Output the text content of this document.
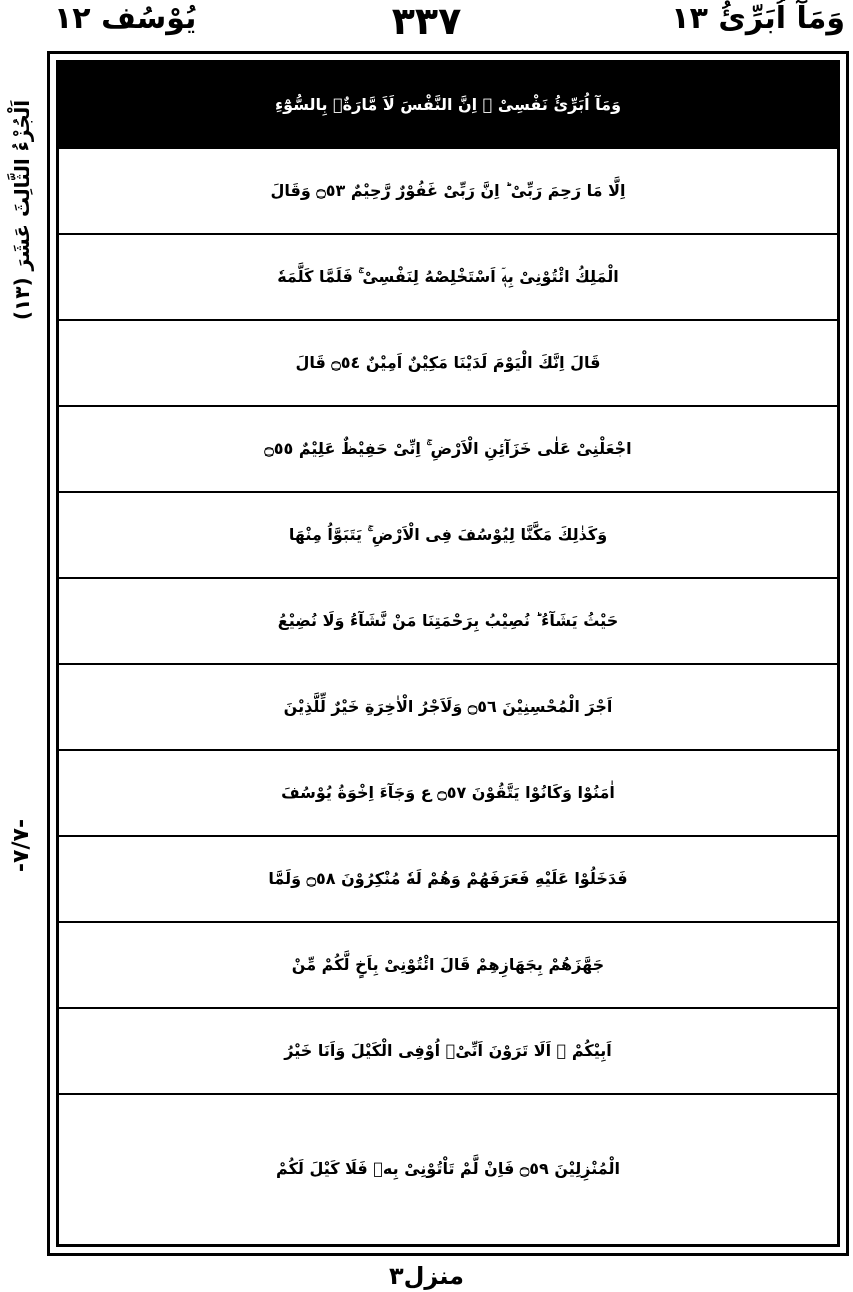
وَمَآ اُبَرِّئُ ١٣
٣٣٧
يُوْسُف ١٢
اَلْجُزْءُ الثَّالِثَ عَشَرَ (١٣)
-٧/٧-
وَمَآ اُبَرِّئُ نَفْسِیْ ۚ اِنَّ النَّفْسَ لَاَ مَّارَةٌۢ بِالسُّوْٓءِ
اِلَّا مَا رَحِمَ رَبِّیْ ؕ اِنَّ رَبِّیْ غَفُوْرٌ رَّحِیْمٌ ۝٥٣ وَقَالَ
الْمَلِكُ ائْتُوْنِیْ بِهٖۤ اَسْتَخْلِصْهُ لِنَفْسِیْ ۚ فَلَمَّا كَلَّمَهٗ
قَالَ اِنَّكَ الْیَوْمَ لَدَیْنَا مَكِیْنٌ اَمِیْنٌ ۝٥٤ قَالَ
اجْعَلْنِیْ عَلٰی خَزَآئِنِ الْاَرْضِ ۚ اِنِّیْ حَفِیْظٌ عَلِیْمٌ ۝٥٥
وَكَذٰلِكَ مَكَّنَّا لِیُوْسُفَ فِی الْاَرْضِ ۚ یَتَبَوَّاُ مِنْهَا
حَیْثُ یَشَآءُ ؕ نُصِیْبُ بِرَحْمَتِنَا مَنْ نَّشَآءُ وَلَا نُضِیْعُ
اَجْرَ الْمُحْسِنِیْنَ ۝٥٦ وَلَاَجْرُ الْاٰخِرَةِ خَیْرٌ لِّلَّذِیْنَ
اٰمَنُوْا وَكَانُوْا یَتَّقُوْنَ ۝٥٧ ع وَجَآءَ اِخْوَةُ یُوْسُفَ
فَدَخَلُوْا عَلَیْهِ فَعَرَفَهُمْ وَهُمْ لَهٗ مُنْكِرُوْنَ ۝٥٨ وَلَمَّا
جَهَّزَهُمْ بِجَهَازِهِمْ قَالَ ائْتُوْنِیْ بِاَخٍ لَّكُمْ مِّنْ
اَبِیْكُمْ ۚ اَلَا تَرَوْنَ اَنِّیْۤ اُوْفِی الْكَیْلَ وَاَنَا خَیْرُ
الْمُنْزِلِیْنَ ۝٥٩ فَاِنْ لَّمْ تَاْتُوْنِیْ بِهٖ فَلَا كَیْلَ لَكُمْ
منزل٣
